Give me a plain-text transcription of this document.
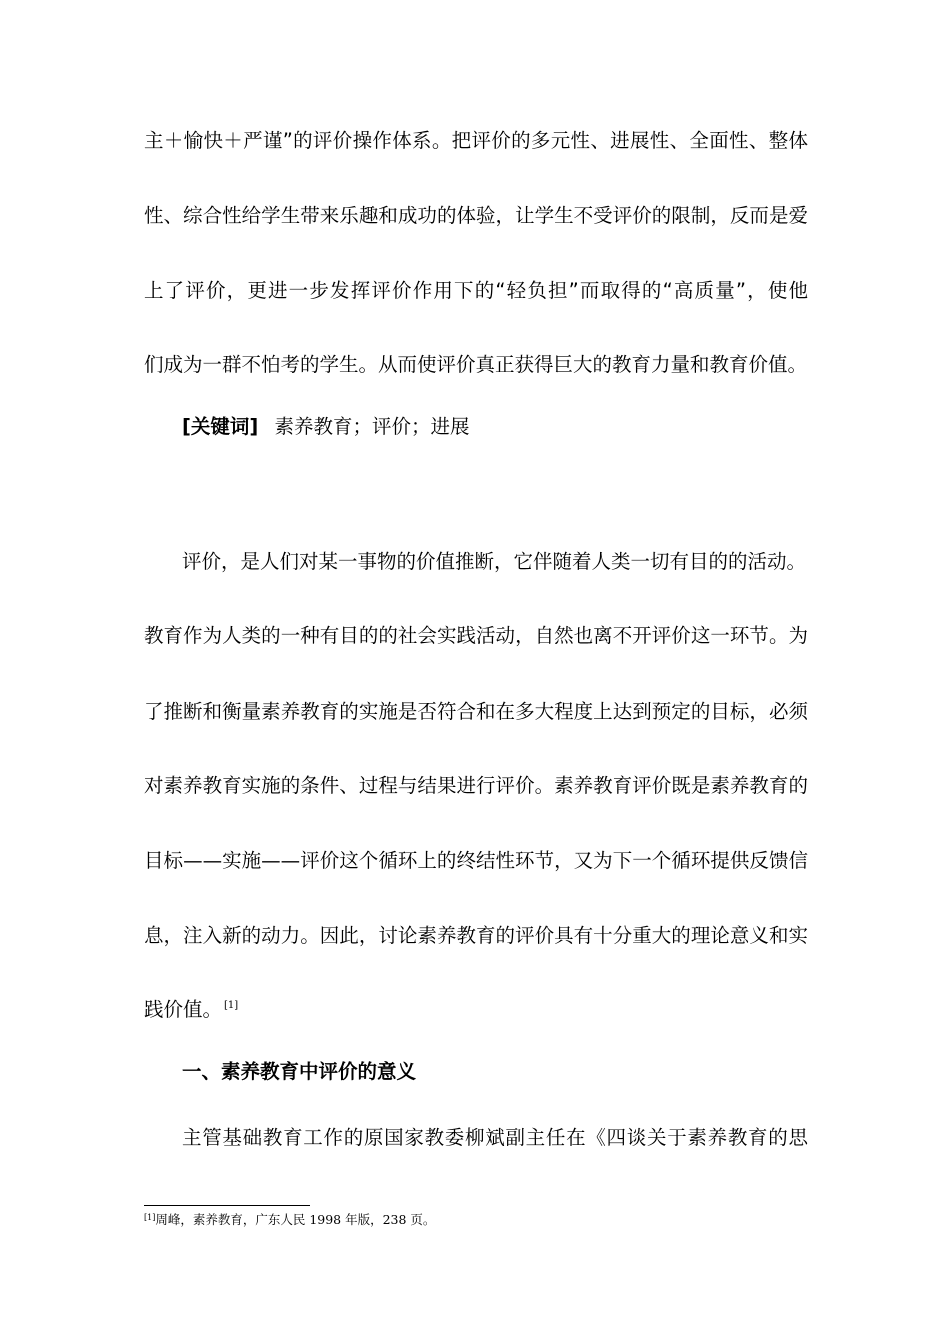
主＋愉快＋严谨”的评价操作体系。把评价的多元性、进展性、全面性、整体
性、综合性给学生带来乐趣和成功的体验，让学生不受评价的限制，反而是爱
上了评价，更进一步发挥评价作用下的“轻负担”而取得的“高质量”，使他
们成为一群不怕考的学生。从而使评价真正获得巨大的教育力量和教育价值。
[关键词] 素养教育；评价；进展
评价，是人们对某一事物的价值推断，它伴随着人类一切有目的的活动。
教育作为人类的一种有目的的社会实践活动，自然也离不开评价这一环节。为
了推断和衡量素养教育的实施是否符合和在多大程度上达到预定的目标，必须
对素养教育实施的条件、过程与结果进行评价。素养教育评价既是素养教育的
目标——实施——评价这个循环上的终结性环节，又为下一个循环提供反馈信
息，注入新的动力。因此，讨论素养教育的评价具有十分重大的理论意义和实
践价值。 [1]
一、素养教育中评价的意义
主管基础教育工作的原国家教委柳斌副主任在《四谈关于素养教育的思
[1]周峰，素养教育，广东人民 1998 年版，238 页。
